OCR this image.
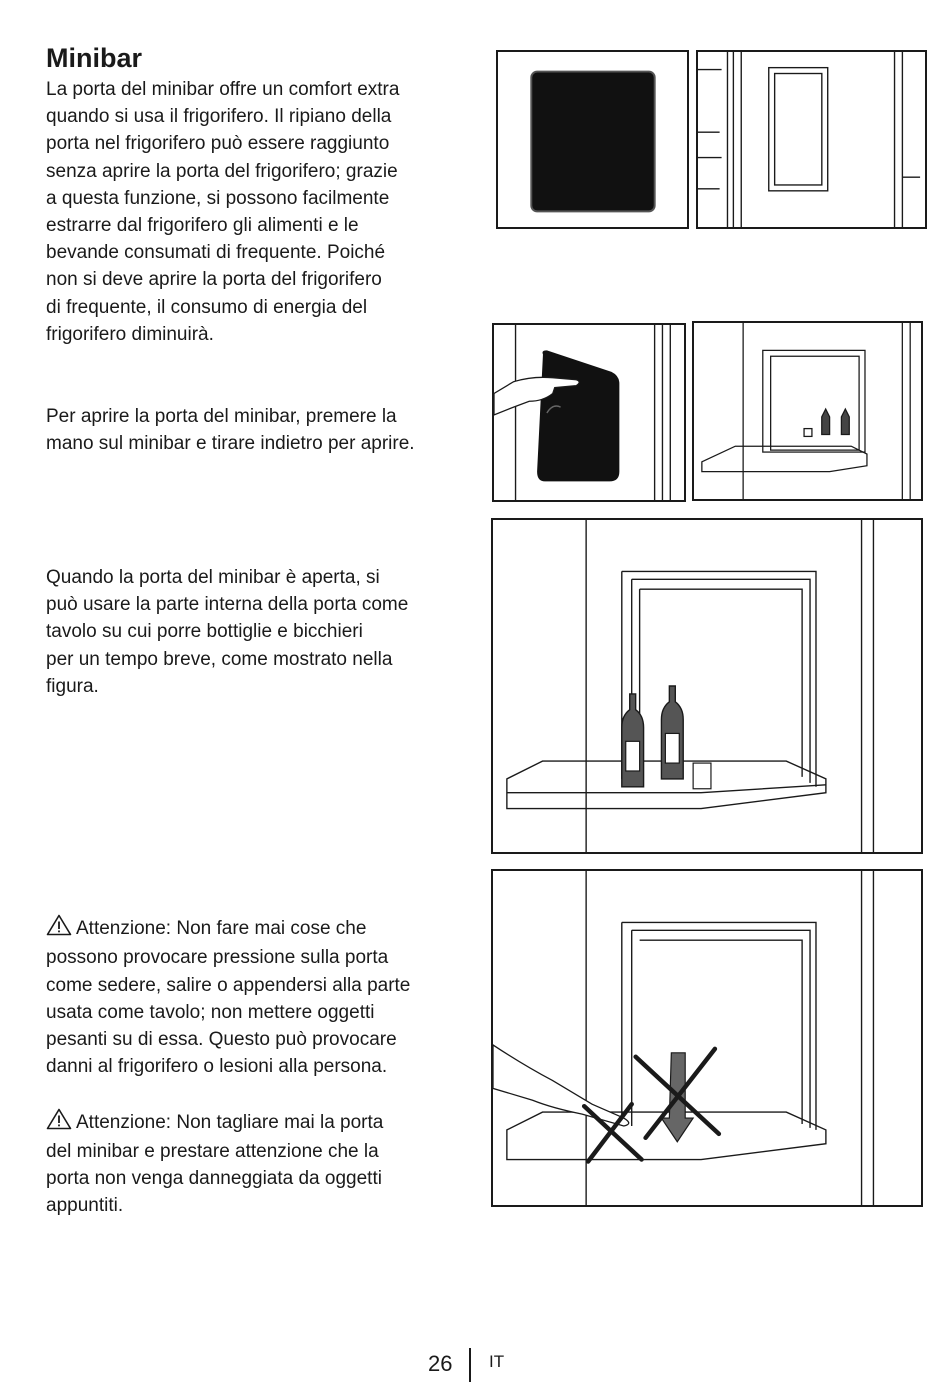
Minibar

La porta del minibar offre un comfort extra
quando si usa il frigorifero. Il ripiano della
porta nel frigorifero può essere raggiunto
senza aprire la porta del frigorifero; grazie
a questa funzione, si possono facilmente
estrarre dal frigorifero gli alimenti e le
bevande consumati di frequente. Poiché
non si deve aprire la porta del frigorifero
di frequente, il consumo di energia del
frigorifero diminuirà.

Per aprire la porta del minibar, premere la
mano sul minibar e tirare indietro per aprire.

Quando la porta del minibar è aperta, si
può usare la parte interna della porta come
tavolo su cui porre bottiglie e bicchieri
per un tempo breve, come mostrato nella
figura.

Attenzione: Non fare mai cose che
possono provocare pressione sulla porta
come sedere, salire o appendersi alla parte
usata come tavolo; non mettere oggetti
pesanti su di essa. Questo può provocare
danni al frigorifero o lesioni alla persona.

Attenzione: Non tagliare mai la porta
del minibar e prestare attenzione che la
porta non venga danneggiata da oggetti
appuntiti.

26 IT
